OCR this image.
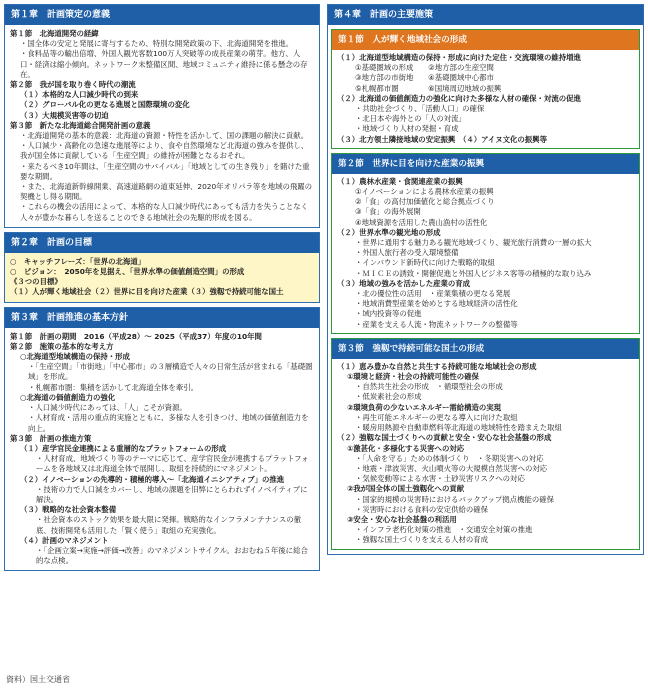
第１章　計画策定の意義
第１節　北海道開発の経緯
・国全体の安定と発展に寄与するため、特別な開発政策の下、北海道開発を推進。
・食料品等の輸出倍増、外国人観光客数100万人突破等の成長産業の萌芽。他方、人口・経済は縮小傾向。ネットワーク未整備区間、地域コミュニティ維持に係る懸念の存在。
第２節　我が国を取り巻く時代の潮流
（１）本格的な人口減少時代の到来
（２）グローバル化の更なる進展と国際環境の変化
（３）大規模災害等の切迫
第３節　新たな北海道総合開発計画の意義
・北海道開発の基本的意義：北海道の資源・特性を活かして、国の課題の解決に貢献。
・人口減少・高齢化の急速な進展等により、食や自然環境など北海道の強みを提供し、我が国全体に貢献している「生産空間」の維持が困難となるおそれ。
・来たるべき10年間は、「生産空間のサバイバル」「地域としての生き残り」を賭けた重要な期間。
・また、北海道新幹線開業、高速道路網の道東延伸、2020年オリパラ等を地域の飛躍の契機とし得る期間。
・これらの機会の活用によって、本格的な人口減少時代にあっても活力を失うことなく人々が豊かな暮らしを送ることのできる地域社会の先駆的形成を図る。
第２章　計画の目標
○　キャッチフレーズ：「世界の北海道」
○　ビジョン：　2050年を見据え、「世界水準の価値創造空間」の形成
《３つの目標》
（１）人が輝く地域社会（２）世界に目を向けた産業（３）強靱で持続可能な国土
第３章　計画推進の基本方針
第１節　計画の期間　2016（平成28）～ 2025（平成37）年度の10年間
第２節　施策の基本的な考え方
○北海道型地域構造の保持・形成
・「生産空間」「市街地」「中心都市」の３層構造で人々の日常生活が営まれる「基礎圏域」を形成。
・札幌都市圏：集積を活かして北海道全体を牽引。
○北海道の価値創造力の強化
・人口減少時代にあっては、「人」こそが資源。
・人材育成・活用の重点的実施とともに、多様な人を引きつけ、地域の価値創造力を向上。
第３節　計画の推進方策
（１）産学官民金連携による重層的なプラットフォームの形成
・人材育成、地域づくり等のテーマに応じて、産学官民金が連携するプラットフォームを各地域又は北海道全体で展開し、取組を持続的にマネジメント。
（２）イノベーションの先導的・積極的導入～「北海道イニシアティブ」の推進
・技術の力で人口減をカバーし、地域の課題を旧弊にとらわれずイノベイティブに解決。
（３）戦略的な社会資本整備
・社会資本のストック効果を最大限に発揮。戦略的なインフラメンテナンスの徹底、技術開発も活用した「賢く使う」取組の充実強化。
（４）計画のマネジメント
・「企画立案→実施→評価→改善」のマネジメントサイクル。おおむね５年後に総合的な点検。
第４章　計画の主要施策
第１節　人が輝く地域社会の形成
（１）北海道型地域構造の保持・形成に向けた定住・交流環境の維持増進
①基礎圏域の形成　　②地方部の生産空間
③地方部の市街地　　④基礎圏域中心都市
⑤札幌都市圏　　　　⑥国境周辺地域の振興
（２）北海道の価値創造力の強化に向けた多様な人材の確保・対流の促進
・共助社会づくり、「活動人口」の確保
・北日本や海外との「人の対流」
・地域づくり人材の発掘・育成
（３）北方領土隣接地域の安定振興　（４）アイヌ文化の振興等
第２節　世界に目を向けた産業の振興
（１）農林水産業・食関連産業の振興
①イノベーションによる農林水産業の振興
②「食」の高付加価値化と総合拠点づくり
③「食」の海外展開
④地域資源を活用した農山漁村の活性化
（２）世界水準の観光地の形成
・世界に通用する魅力ある観光地域づくり、観光旅行消費の一層の拡大
・外国人旅行者の受入環境整備
・インバウンド新時代に向けた戦略的取組
・ＭＩＣＥの誘致・開催促進と外国人ビジネス客等の積極的な取り込み
（３）地域の強みを活かした産業の育成
・北の優位性の活用　・産業集積の更なる発展
・地域消費型産業を始めとする地域経済の活性化
・域内投資等の促進
・産業を支える人流・物流ネットワークの整備等
第３節　強靱で持続可能な国土の形成
（１）恵み豊かな自然と共生する持続可能な地域社会の形成
①環境と経済・社会の持続可能性の確保
・自然共生社会の形成　・循環型社会の形成
・低炭素社会の形成
②環境負荷の少ないエネルギー需給構造の実現
・再生可能エネルギーの更なる導入に向けた取組
・暖房用熱源や自動車燃料等北海道の地域特性を踏まえた取組
（２）強靱な国土づくりへの貢献と安全・安心な社会基盤の形成
①激甚化・多様化する災害への対応
・「人命を守る」ための体制づくり　・冬期災害への対応
・地震・津波災害、火山噴火等の大規模自然災害への対応
・気候変動等による水害・土砂災害リスクへの対応
②我が国全体の国土強靱化への貢献
・国家的規模の災害時におけるバックアップ拠点機能の確保
・災害時における食料の安定供給の確保
③安全・安心な社会基盤の利活用
・インフラ老朽化対策の推進　・交通安全対策の推進
・強靱な国土づくりを支える人材の育成
資料）国土交通省
